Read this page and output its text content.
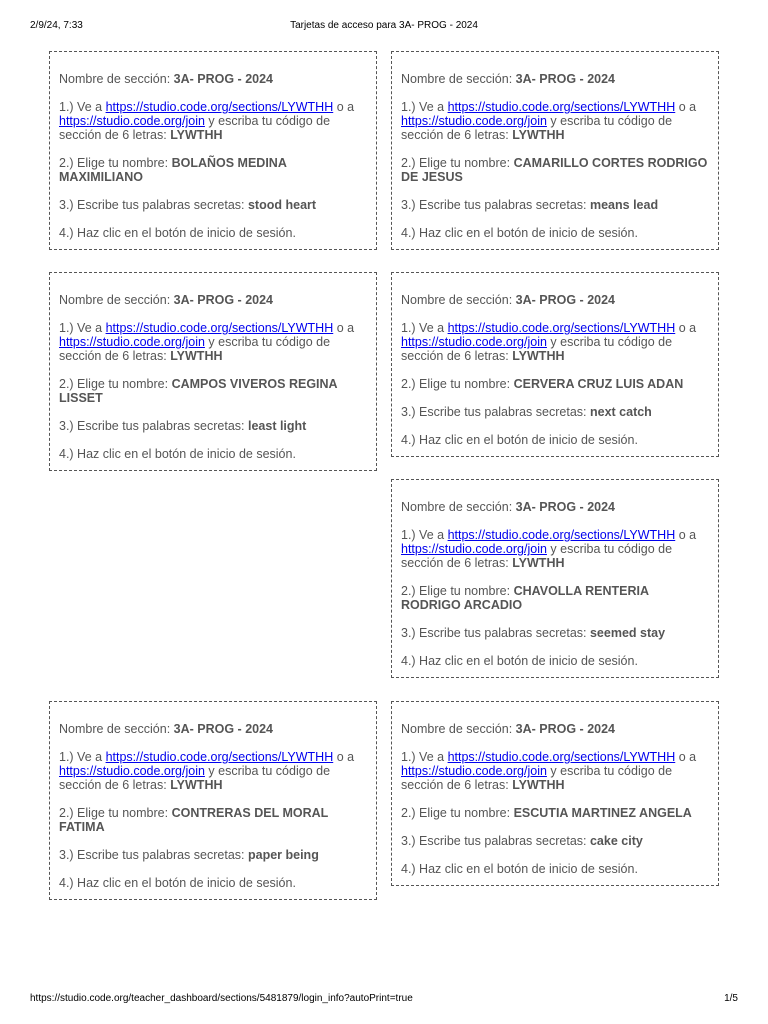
2/9/24, 7:33	Tarjetas de acceso para 3A- PROG - 2024

Nombre de sección: 3A- PROG - 2024

1.) Ve a https://studio.code.org/sections/LYWTHH o a https://studio.code.org/join y escriba tu código de sección de 6 letras: LYWTHH

2.) Elige tu nombre: BOLAÑOS MEDINA MAXIMILIANO

3.) Escribe tus palabras secretas: stood heart

4.) Haz clic en el botón de inicio de sesión.

Nombre de sección: 3A- PROG - 2024

1.) Ve a https://studio.code.org/sections/LYWTHH o a https://studio.code.org/join y escriba tu código de sección de 6 letras: LYWTHH

2.) Elige tu nombre: CAMARILLO CORTES RODRIGO DE JESUS

3.) Escribe tus palabras secretas: means lead

4.) Haz clic en el botón de inicio de sesión.

Nombre de sección: 3A- PROG - 2024

1.) Ve a https://studio.code.org/sections/LYWTHH o a https://studio.code.org/join y escriba tu código de sección de 6 letras: LYWTHH

2.) Elige tu nombre: CAMPOS VIVEROS REGINA LISSET

3.) Escribe tus palabras secretas: least light

4.) Haz clic en el botón de inicio de sesión.

Nombre de sección: 3A- PROG - 2024

1.) Ve a https://studio.code.org/sections/LYWTHH o a https://studio.code.org/join y escriba tu código de sección de 6 letras: LYWTHH

2.) Elige tu nombre: CERVERA CRUZ LUIS ADAN

3.) Escribe tus palabras secretas: next catch

4.) Haz clic en el botón de inicio de sesión.

Nombre de sección: 3A- PROG - 2024

1.) Ve a https://studio.code.org/sections/LYWTHH o a https://studio.code.org/join y escriba tu código de sección de 6 letras: LYWTHH

2.) Elige tu nombre: CHAVOLLA RENTERIA RODRIGO ARCADIO

3.) Escribe tus palabras secretas: seemed stay

4.) Haz clic en el botón de inicio de sesión.

Nombre de sección: 3A- PROG - 2024

1.) Ve a https://studio.code.org/sections/LYWTHH o a https://studio.code.org/join y escriba tu código de sección de 6 letras: LYWTHH

2.) Elige tu nombre: CONTRERAS DEL MORAL FATIMA

3.) Escribe tus palabras secretas: paper being

4.) Haz clic en el botón de inicio de sesión.

Nombre de sección: 3A- PROG - 2024

1.) Ve a https://studio.code.org/sections/LYWTHH o a https://studio.code.org/join y escriba tu código de sección de 6 letras: LYWTHH

2.) Elige tu nombre: ESCUTIA MARTINEZ ANGELA

3.) Escribe tus palabras secretas: cake city

4.) Haz clic en el botón de inicio de sesión.

https://studio.code.org/teacher_dashboard/sections/5481879/login_info?autoPrint=true	1/5
